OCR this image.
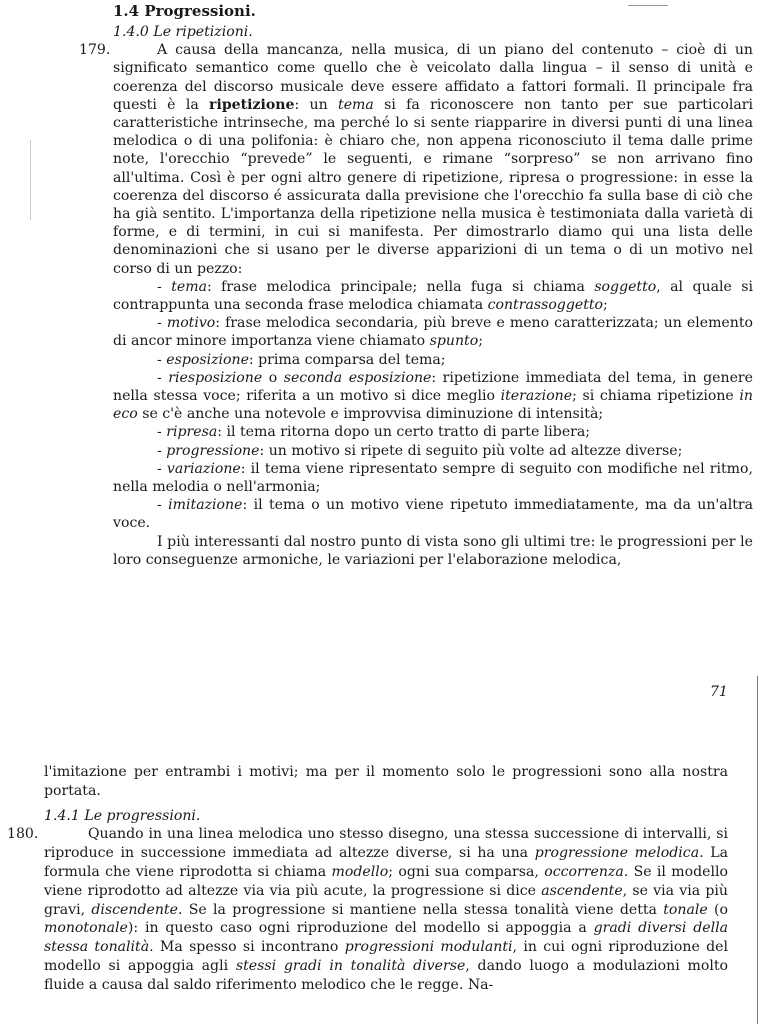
1.4 Progressioni.

1.4.0 Le ripetizioni.

179.	A causa della mancanza, nella musica, di un piano del contenuto – cioè di un significato semantico come quello che è veicolato dalla lingua – il senso di unità e coerenza del discorso musicale deve essere affidato a fattori formali. Il principale fra questi è la ripetizione: un tema si fa riconoscere non tanto per sue particolari caratteristiche intrinseche, ma perché lo si sente riapparire in diversi punti di una linea melodica o di una polifonia: è chiaro che, non appena riconosciuto il tema dalle prime note, l'orecchio “prevede” le seguenti, e rimane “sorpreso” se non arrivano fino all'ultima. Così è per ogni altro genere di ripetizione, ripresa o progressione: in esse la coerenza del discorso é assicurata dalla previsione che l'orecchio fa sulla base di ciò che ha già sentito. L'importanza della ripetizione nella musica è testimoniata dalla varietà di forme, e di termini, in cui si manifesta. Per dimostrarlo diamo qui una lista delle denominazioni che si usano per le diverse apparizioni di un tema o di un motivo nel corso di un pezzo:

- tema: frase melodica principale; nella fuga si chiama soggetto, al quale si contrappunta una seconda frase melodica chiamata contrassoggetto;

- motivo: frase melodica secondaria, più breve e meno caratterizzata; un elemento di ancor minore importanza viene chiamato spunto;

- esposizione: prima comparsa del tema;

- riesposizione o seconda esposizione: ripetizione immediata del tema, in genere nella stessa voce; riferita a un motivo si dice meglio iterazione; si chiama ripetizione in eco se c'è anche una notevole e improvvisa diminuzione di intensità;

- ripresa: il tema ritorna dopo un certo tratto di parte libera;

- progressione: un motivo si ripete di seguito più volte ad altezze diverse;

- variazione: il tema viene ripresentato sempre di seguito con modifiche nel ritmo, nella melodia o nell'armonia;

- imitazione: il tema o un motivo viene ripetuto immediatamente, ma da un'altra voce.

I più interessanti dal nostro punto di vista sono gli ultimi tre: le progressioni per le loro conseguenze armoniche, le variazioni per l'elaborazione melodica,

71

l'imitazione per entrambi i motivi; ma per il momento solo le progressioni sono alla nostra portata.

1.4.1 Le progressioni.

180.	Quando in una linea melodica uno stesso disegno, una stessa successione di intervalli, si riproduce in successione immediata ad altezze diverse, si ha una progressione melodica. La formula che viene riprodotta si chiama modello; ogni sua comparsa, occorrenza. Se il modello viene riprodotto ad altezze via via più acute, la progressione si dice ascendente, se via via più gravi, discendente. Se la progressione si mantiene nella stessa tonalità viene detta tonale (o monotonale): in questo caso ogni riproduzione del modello si appoggia a gradi diversi della stessa tonalità. Ma spesso si incontrano progressioni modulanti, in cui ogni riproduzione del modello si appoggia agli stessi gradi in tonalità diverse, dando luogo a modulazioni molto fluide a causa dal saldo riferimento melodico che le regge. Na-
